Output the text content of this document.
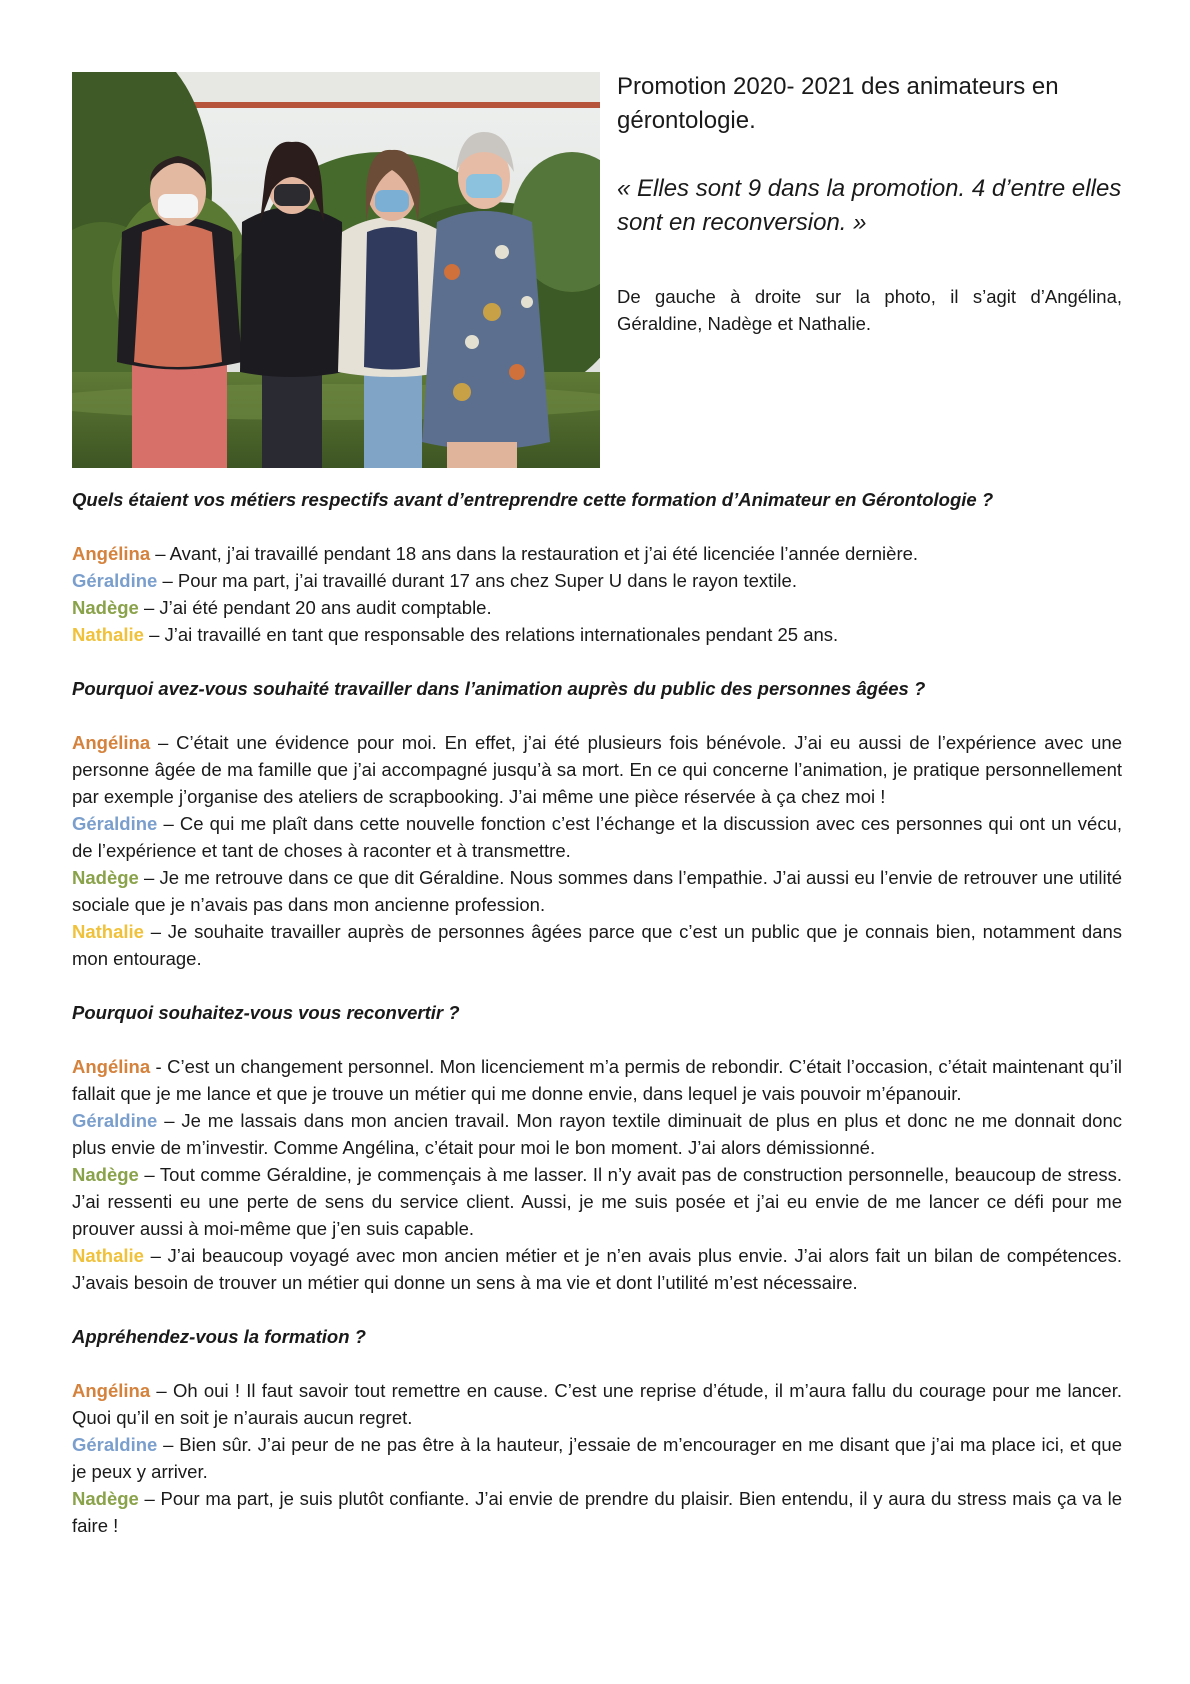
Promotion 2020- 2021 des animateurs en gérontologie.

« Elles sont 9 dans la promotion. 4 d’entre elles sont en reconversion. »

De gauche à droite sur la photo, il s’agit d’Angélina, Géraldine, Nadège et Nathalie.

Quels étaient vos métiers respectifs avant d’entreprendre cette formation d’Animateur en Gérontologie ?

Angélina – Avant, j’ai travaillé pendant 18 ans dans la restauration et j’ai été licenciée l’année dernière.

Géraldine – Pour ma part, j’ai travaillé durant 17 ans chez Super U dans le rayon textile.

Nadège – J’ai été pendant 20 ans audit comptable.

Nathalie – J’ai travaillé en tant que responsable des relations internationales pendant 25 ans.

Pourquoi avez-vous souhaité travailler dans l’animation auprès du public des personnes âgées ?

Angélina – C’était une évidence pour moi. En effet, j’ai été plusieurs fois bénévole. J’ai eu aussi de l’expérience avec une personne âgée de ma famille que j’ai accompagné jusqu’à sa mort. En ce qui concerne l’animation, je pratique personnellement par exemple j’organise des ateliers de scrapbooking. J’ai même une pièce réservée à ça chez moi !

Géraldine – Ce qui me plaît dans cette nouvelle fonction c’est l’échange et la discussion avec ces personnes qui ont un vécu, de l’expérience et tant de choses à raconter et à transmettre.

Nadège – Je me retrouve dans ce que dit Géraldine. Nous sommes dans l’empathie. J’ai aussi eu l’envie de retrouver une utilité sociale que je n’avais pas dans mon ancienne profession.

Nathalie – Je souhaite travailler auprès de personnes âgées parce que c’est un public que je connais bien, notamment dans mon entourage.

Pourquoi souhaitez-vous vous reconvertir ?

Angélina - C’est un changement personnel. Mon licenciement m’a permis de rebondir. C’était l’occasion, c’était maintenant qu’il fallait que je me lance et que je trouve un métier qui me donne envie, dans lequel je vais pouvoir m’épanouir.

Géraldine – Je me lassais dans mon ancien travail. Mon rayon textile diminuait de plus en plus et donc ne me donnait donc plus envie de m’investir. Comme Angélina, c’était pour moi le bon moment. J’ai alors démissionné.

Nadège – Tout comme Géraldine, je commençais à me lasser. Il n’y avait pas de construction personnelle, beaucoup de stress. J’ai ressenti eu une perte de sens du service client. Aussi, je me suis posée et j’ai eu envie de me lancer ce défi pour me prouver aussi à moi-même que j’en suis capable.

Nathalie – J’ai beaucoup voyagé avec mon ancien métier et je n’en avais plus envie. J’ai alors fait un bilan de compétences. J’avais besoin de trouver un métier qui donne un sens à ma vie et dont l’utilité m’est nécessaire.

Appréhendez-vous la formation ?

Angélina – Oh oui ! Il faut savoir tout remettre en cause. C’est une reprise d’étude, il m’aura fallu du courage pour me lancer. Quoi qu’il en soit je n’aurais aucun regret.

Géraldine – Bien sûr. J’ai peur de ne pas être à la hauteur, j’essaie de m’encourager en me disant que j’ai ma place ici, et que je peux y arriver.

Nadège – Pour ma part, je suis plutôt confiante. J’ai envie de prendre du plaisir. Bien entendu, il y aura du stress mais ça va le faire !
